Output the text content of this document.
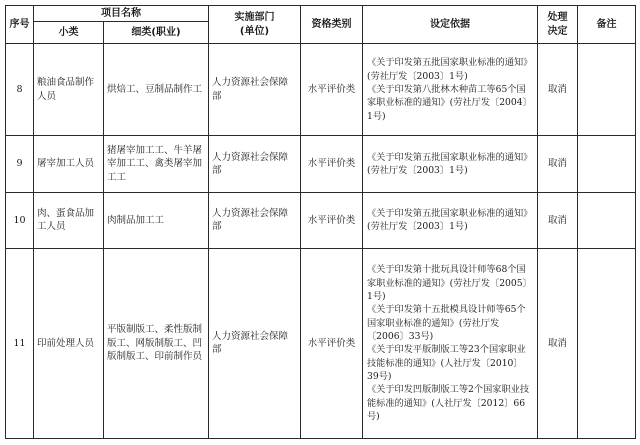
序号	项目名称		实施部门
(单位)	资格类别	设定依据	处理
决定	备注
	小类	细类(职业)					
8	粮油食品制作人员	烘焙工、豆制品制作工	人力资源社会保障部	水平评价类	《关于印发第五批国家职业标准的通知》(劳社厅发〔2003〕1号)
《关于印发第八批林木种苗工等65个国家职业标准的通知》(劳社厅发〔2004〕1号)	取消	
9	屠宰加工人员	猪屠宰加工工、牛羊屠宰加工工、禽类屠宰加工工	人力资源社会保障部	水平评价类	《关于印发第五批国家职业标准的通知》(劳社厅发〔2003〕1号)	取消	
10	肉、蛋食品加工人员	肉制品加工工	人力资源社会保障部	水平评价类	《关于印发第五批国家职业标准的通知》(劳社厅发〔2003〕1号)	取消	
11	印前处理人员	平版制版工、柔性版制版工、网版制版工、凹版制版工、印前制作员	人力资源社会保障部	水平评价类	《关于印发第十批玩具设计师等68个国家职业标准的通知》(劳社厅发〔2005〕1号)
《关于印发第十五批模具设计师等65个国家职业标准的通知》(劳社厅发〔2006〕33号)
《关于印发平版制版工等23个国家职业技能标准的通知》(人社厅发〔2010〕39号)
《关于印发凹版制版工等2个国家职业技能标准的通知》(人社厅发〔2012〕66号)	取消	
